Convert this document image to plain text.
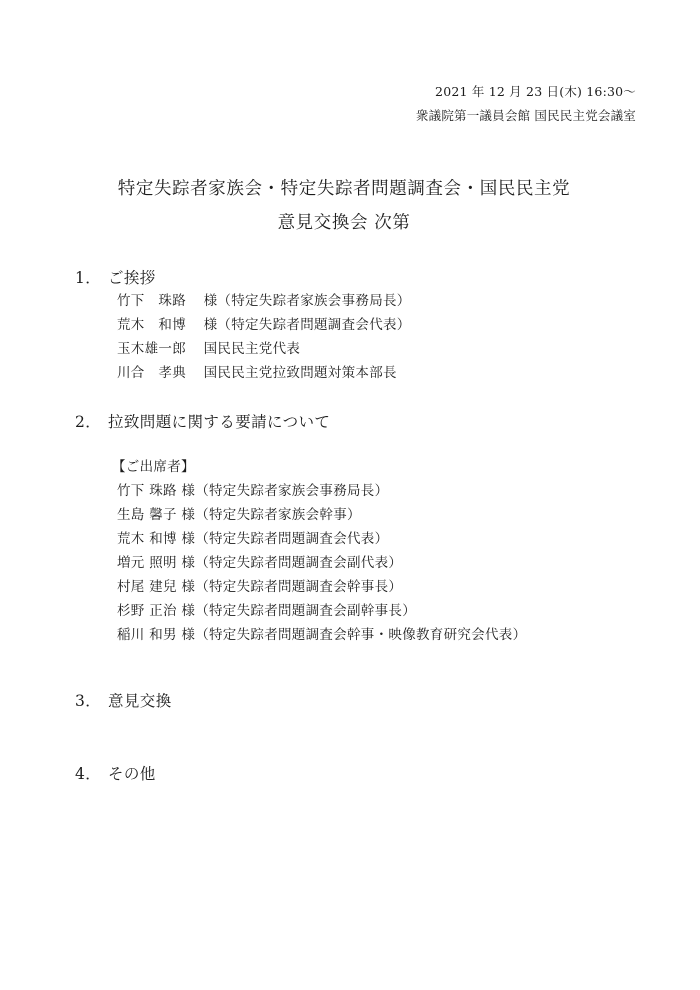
2021 年 12 月 23 日(木) 16:30～
衆議院第一議員会館 国民民主党会議室
特定失踪者家族会・特定失踪者問題調査会・国民民主党
意見交換会 次第
1． ご挨拶
竹下　珠路 様（特定失踪者家族会事務局長）
荒木　和博 様（特定失踪者問題調査会代表）
玉木雄一郎 国民民主党代表
川合　孝典 国民民主党拉致問題対策本部長
2． 拉致問題に関する要請について
【ご出席者】
竹下 珠路 様（特定失踪者家族会事務局長）
生島 馨子 様（特定失踪者家族会幹事）
荒木 和博 様（特定失踪者問題調査会代表）
増元 照明 様（特定失踪者問題調査会副代表）
村尾 建兒 様（特定失踪者問題調査会幹事長）
杉野 正治 様（特定失踪者問題調査会副幹事長）
稲川 和男 様（特定失踪者問題調査会幹事・映像教育研究会代表）
3． 意見交換
4． その他
